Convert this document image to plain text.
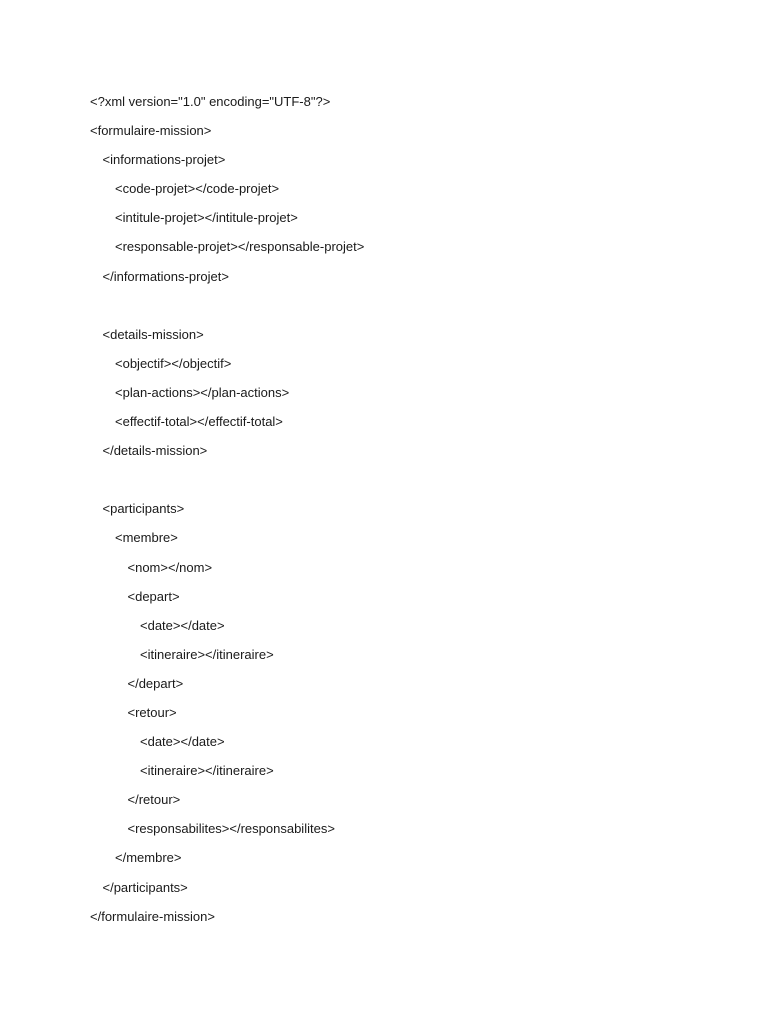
<?xml version="1.0" encoding="UTF-8"?>
<formulaire-mission>
<informations-projet>
<code-projet></code-projet>
<intitule-projet></intitule-projet>
<responsable-projet></responsable-projet>
</informations-projet>
<details-mission>
<objectif></objectif>
<plan-actions></plan-actions>
<effectif-total></effectif-total>
</details-mission>
<participants>
<membre>
<nom></nom>
<depart>
<date></date>
<itineraire></itineraire>
</depart>
<retour>
<date></date>
<itineraire></itineraire>
</retour>
<responsabilites></responsabilites>
</membre>
</participants>
</formulaire-mission>
